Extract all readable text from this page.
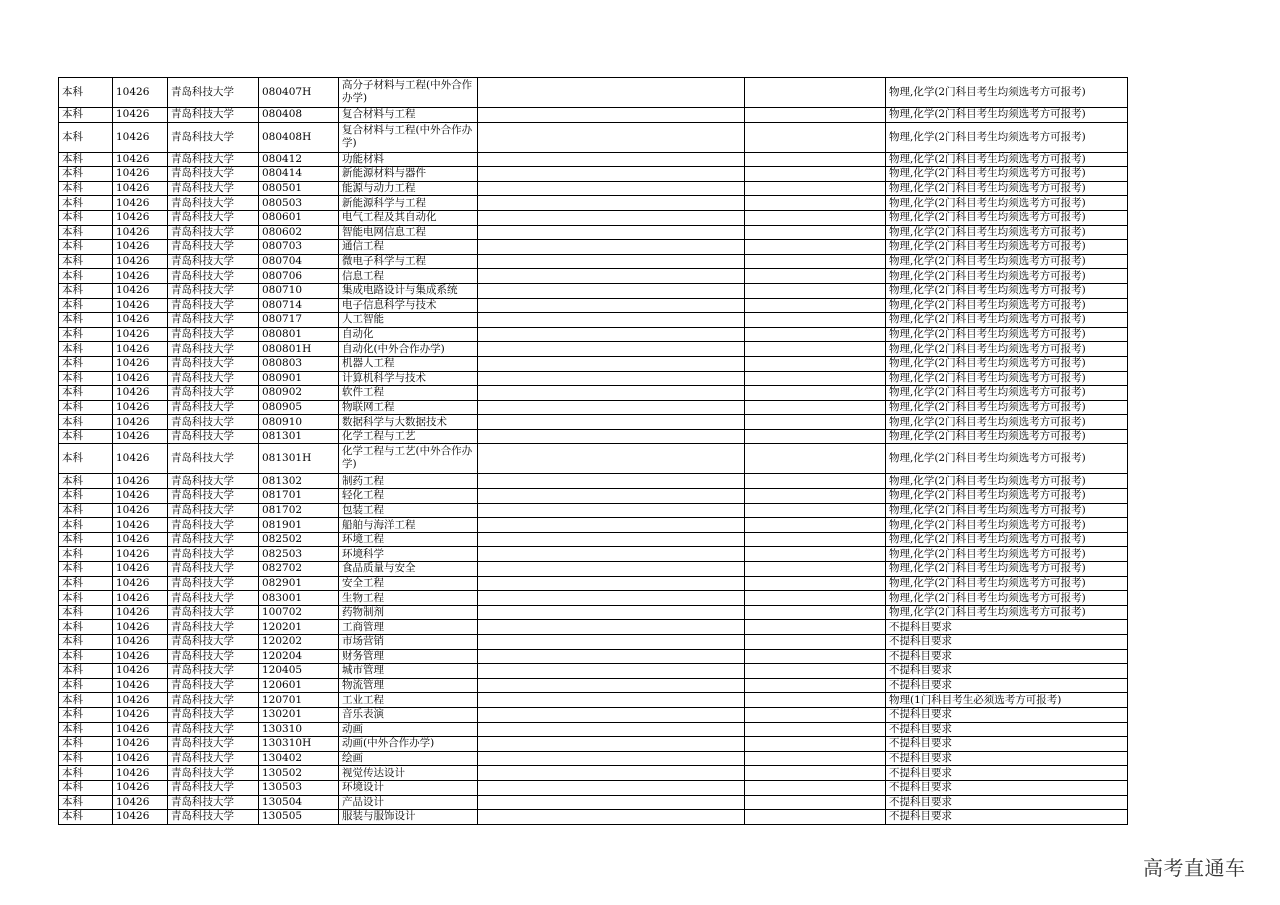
本科	10426	青岛科技大学	080407H	高分子材料与工程(中外合作办学)			物理,化学(2门科目考生均须选考方可报考)
本科	10426	青岛科技大学	080408	复合材料与工程			物理,化学(2门科目考生均须选考方可报考)
本科	10426	青岛科技大学	080408H	复合材料与工程(中外合作办学)			物理,化学(2门科目考生均须选考方可报考)
本科	10426	青岛科技大学	080412	功能材料			物理,化学(2门科目考生均须选考方可报考)
本科	10426	青岛科技大学	080414	新能源材料与器件			物理,化学(2门科目考生均须选考方可报考)
本科	10426	青岛科技大学	080501	能源与动力工程			物理,化学(2门科目考生均须选考方可报考)
本科	10426	青岛科技大学	080503	新能源科学与工程			物理,化学(2门科目考生均须选考方可报考)
本科	10426	青岛科技大学	080601	电气工程及其自动化			物理,化学(2门科目考生均须选考方可报考)
本科	10426	青岛科技大学	080602	智能电网信息工程			物理,化学(2门科目考生均须选考方可报考)
本科	10426	青岛科技大学	080703	通信工程			物理,化学(2门科目考生均须选考方可报考)
本科	10426	青岛科技大学	080704	微电子科学与工程			物理,化学(2门科目考生均须选考方可报考)
本科	10426	青岛科技大学	080706	信息工程			物理,化学(2门科目考生均须选考方可报考)
本科	10426	青岛科技大学	080710	集成电路设计与集成系统			物理,化学(2门科目考生均须选考方可报考)
本科	10426	青岛科技大学	080714	电子信息科学与技术			物理,化学(2门科目考生均须选考方可报考)
本科	10426	青岛科技大学	080717	人工智能			物理,化学(2门科目考生均须选考方可报考)
本科	10426	青岛科技大学	080801	自动化			物理,化学(2门科目考生均须选考方可报考)
本科	10426	青岛科技大学	080801H	自动化(中外合作办学)			物理,化学(2门科目考生均须选考方可报考)
本科	10426	青岛科技大学	080803	机器人工程			物理,化学(2门科目考生均须选考方可报考)
本科	10426	青岛科技大学	080901	计算机科学与技术			物理,化学(2门科目考生均须选考方可报考)
本科	10426	青岛科技大学	080902	软件工程			物理,化学(2门科目考生均须选考方可报考)
本科	10426	青岛科技大学	080905	物联网工程			物理,化学(2门科目考生均须选考方可报考)
本科	10426	青岛科技大学	080910	数据科学与大数据技术			物理,化学(2门科目考生均须选考方可报考)
本科	10426	青岛科技大学	081301	化学工程与工艺			物理,化学(2门科目考生均须选考方可报考)
本科	10426	青岛科技大学	081301H	化学工程与工艺(中外合作办学)			物理,化学(2门科目考生均须选考方可报考)
本科	10426	青岛科技大学	081302	制药工程			物理,化学(2门科目考生均须选考方可报考)
本科	10426	青岛科技大学	081701	轻化工程			物理,化学(2门科目考生均须选考方可报考)
本科	10426	青岛科技大学	081702	包装工程			物理,化学(2门科目考生均须选考方可报考)
本科	10426	青岛科技大学	081901	船舶与海洋工程			物理,化学(2门科目考生均须选考方可报考)
本科	10426	青岛科技大学	082502	环境工程			物理,化学(2门科目考生均须选考方可报考)
本科	10426	青岛科技大学	082503	环境科学			物理,化学(2门科目考生均须选考方可报考)
本科	10426	青岛科技大学	082702	食品质量与安全			物理,化学(2门科目考生均须选考方可报考)
本科	10426	青岛科技大学	082901	安全工程			物理,化学(2门科目考生均须选考方可报考)
本科	10426	青岛科技大学	083001	生物工程			物理,化学(2门科目考生均须选考方可报考)
本科	10426	青岛科技大学	100702	药物制剂			物理,化学(2门科目考生均须选考方可报考)
本科	10426	青岛科技大学	120201	工商管理			不提科目要求
本科	10426	青岛科技大学	120202	市场营销			不提科目要求
本科	10426	青岛科技大学	120204	财务管理			不提科目要求
本科	10426	青岛科技大学	120405	城市管理			不提科目要求
本科	10426	青岛科技大学	120601	物流管理			不提科目要求
本科	10426	青岛科技大学	120701	工业工程			物理(1门科目考生必须选考方可报考)
本科	10426	青岛科技大学	130201	音乐表演			不提科目要求
本科	10426	青岛科技大学	130310	动画			不提科目要求
本科	10426	青岛科技大学	130310H	动画(中外合作办学)			不提科目要求
本科	10426	青岛科技大学	130402	绘画			不提科目要求
本科	10426	青岛科技大学	130502	视觉传达设计			不提科目要求
本科	10426	青岛科技大学	130503	环境设计			不提科目要求
本科	10426	青岛科技大学	130504	产品设计			不提科目要求
本科	10426	青岛科技大学	130505	服装与服饰设计			不提科目要求
高考直通车
